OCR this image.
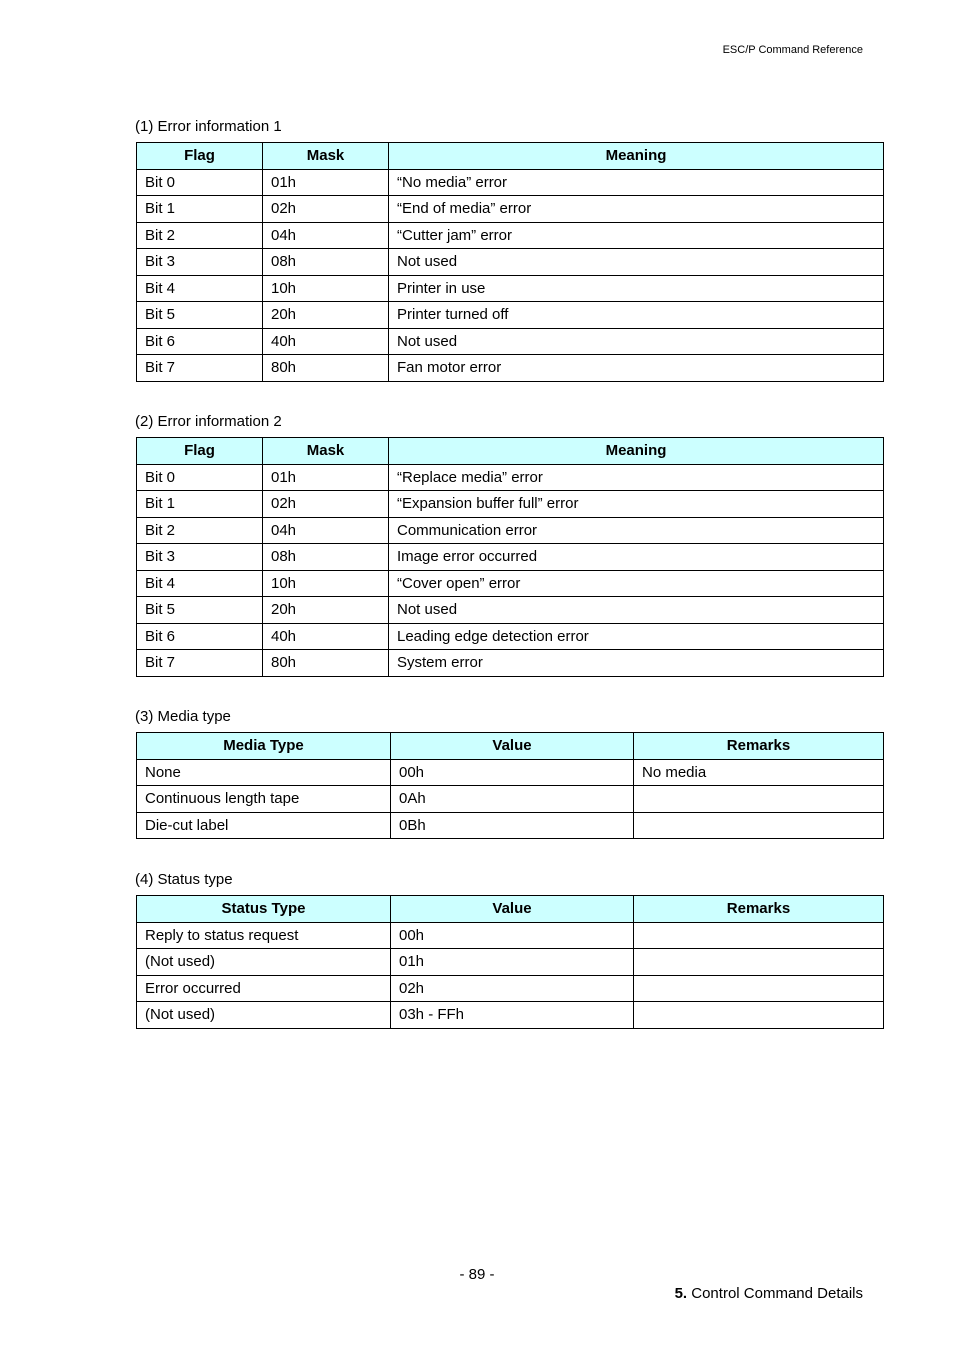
ESC/P Command Reference
(1) Error information 1
Flag	Mask	Meaning
Bit 0	01h	“No media” error
Bit 1	02h	“End of media” error
Bit 2	04h	“Cutter jam” error
Bit 3	08h	Not used
Bit 4	10h	Printer in use
Bit 5	20h	Printer turned off
Bit 6	40h	Not used
Bit 7	80h	Fan motor error
(2) Error information 2
Flag	Mask	Meaning
Bit 0	01h	“Replace media” error
Bit 1	02h	“Expansion buffer full” error
Bit 2	04h	Communication error
Bit 3	08h	Image error occurred
Bit 4	10h	“Cover open” error
Bit 5	20h	Not used
Bit 6	40h	Leading edge detection error
Bit 7	80h	System error
(3) Media type
Media Type	Value	Remarks
None	00h	No media
Continuous length tape	0Ah	
Die-cut label	0Bh	
(4) Status type
Status Type	Value	Remarks
Reply to status request	00h	
(Not used)	01h	
Error occurred	02h	
(Not used)	03h - FFh	
- 89 -
5. Control Command Details
